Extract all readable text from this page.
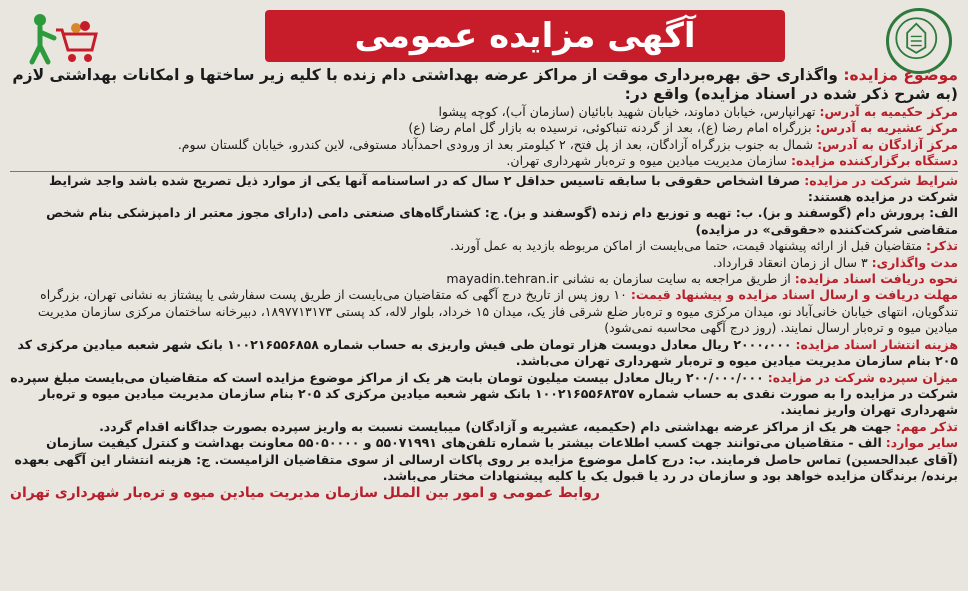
آگهی مزایده عمومی

موضوع مزایده: واگذاری حق بهره‌برداری موقت از مراکز عرضه بهداشتی دام زنده با کلیه زیر ساختها و امکانات بهداشتی لازم (به شرح ذکر شده در اسناد مزایده) واقع در:

مرکز حکیمیه به آدرس: تهرانپارس، خیابان دماوند، خیابان شهید بابائیان (سازمان آب)، کوچه پیشوا

مرکز عشیریه به آدرس: بزرگراه امام رضا (ع)، بعد از گردنه تنباکوئی، نرسیده به بازار گل امام رضا (ع)

مرکز آزادگان به آدرس: شمال به جنوب بزرگراه آزادگان، بعد از پل فتح، ۲ کیلومتر بعد از ورودی احمدآباد مستوفی، لاین کندرو، خیابان گلستان سوم.

دستگاه برگزارکننده مزایده: سازمان مدیریت میادین میوه و تره‌بار شهرداری تهران.

شرایط شرکت در مزایده: صرفا اشخاص حقوقی با سابقه تاسیس حداقل ۲ سال که در اساسنامه آنها یکی از موارد ذیل تصریح شده باشد واجد شرایط شرکت در مزایده هستند:

الف: پرورش دام (گوسفند و بز). ب: تهیه و توزیع دام زنده (گوسفند و بز). ج: کشتارگاه‌های صنعتی دامی (دارای مجوز معتبر از دامپزشکی بنام شخص متقاضی شرکت‌کننده «حقوقی» در مزایده)

تذکر: متقاضیان قبل از ارائه پیشنهاد قیمت، حتما می‌بایست از اماکن مربوطه بازدید به عمل آورند.

مدت واگذاری: ۳ سال از زمان انعقاد قرارداد.

نحوه دریافت اسناد مزایده: از طریق مراجعه به سایت سازمان به نشانی mayadin.tehran.ir

مهلت دریافت و ارسال اسناد مزایده و پیشنهاد قیمت: ۱۰ روز پس از تاریخ درج آگهی که متقاضیان می‌بایست از طریق پست سفارشی یا پیشتاز به نشانی تهران، بزرگراه تندگویان، انتهای خیابان خانی‌آباد نو، میدان مرکزی میوه و تره‌بار ضلع شرقی فاز یک، میدان ۱۵ خرداد، بلوار لاله، کد پستی ۱۸۹۷۷۱۳۱۷۳، دبیرخانه ساختمان مرکزی سازمان مدیریت میادین میوه و تره‌بار ارسال نمایند. (روز درج آگهی محاسبه نمی‌شود)

هزینه انتشار اسناد مزایده: ۲۰۰۰،۰۰۰ ریال معادل دویست هزار تومان طی فیش واریزی به حساب شماره ۱۰۰۲۱۶۵۵۶۸۵۸ بانک شهر شعبه میادین مرکزی کد ۲۰۵ بنام سازمان مدیریت میادین میوه و تره‌بار شهرداری تهران می‌باشد.

میزان سپرده شرکت در مزایده: ۲۰۰/۰۰۰/۰۰۰ ریال معادل بیست میلیون تومان بابت هر یک از مراکز موضوع مزایده است که متقاضیان می‌بایست مبلغ سپرده شرکت در مزایده را به صورت نقدی به حساب شماره ۱۰۰۲۱۶۵۵۶۸۳۵۷ بانک شهر شعبه میادین مرکزی کد ۲۰۵ بنام سازمان مدیریت میادین میوه و تره‌بار شهرداری تهران واریز نمایند.

تذکر مهم: جهت هر یک از مراکز عرضه بهداشتی دام (حکیمیه، عشیریه و آزادگان) میبایست نسبت به واریز سپرده بصورت جداگانه اقدام گردد.

سایر موارد: الف - متقاضیان می‌توانند جهت کسب اطلاعات بیشتر با شماره تلفن‌های ۵۵۰۷۱۹۹۱ و ۵۵۰۵۰۰۰۰ معاونت بهداشت و کنترل کیفیت سازمان (آقای عبدالحسین) تماس حاصل فرمایند. ب: درج کامل موضوع مزایده بر روی پاکات ارسالی از سوی متقاضیان الزامیست. ج: هزینه انتشار این آگهی بعهده برنده/ برندگان مزایده خواهد بود و سازمان در رد یا قبول یک یا کلیه پیشنهادات مختار می‌باشد.

روابط عمومی و امور بین الملل سازمان مدیریت میادین میوه و تره‌بار شهرداری تهران
